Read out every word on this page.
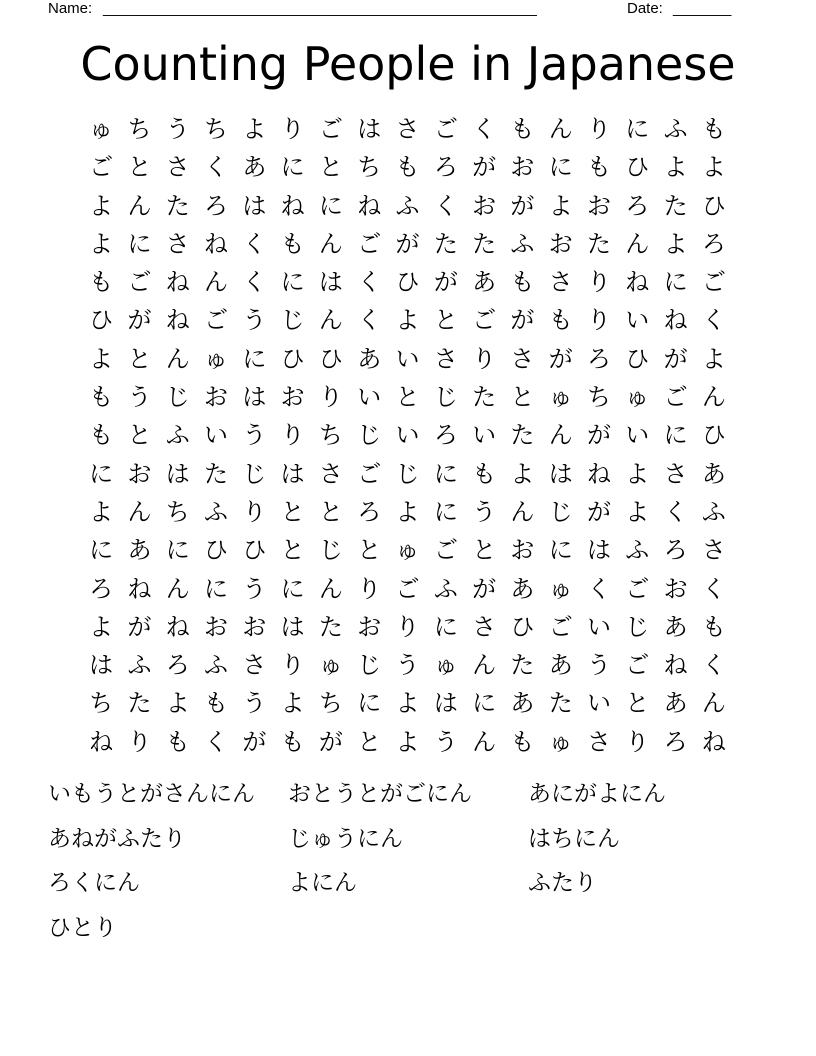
Name: ____________________________________________________	Date: _______
Counting People in Japanese
ゅ ち う ち よ り ご は さ ご く も ん り に ふ も
ご と さ く あ に と ち も ろ が お に も ひ よ よ
よ ん た ろ は ね に ね ふ く お が よ お ろ た ひ
よ に さ ね く も ん ご が た た ふ お た ん よ ろ
も ご ね ん く に は く ひ が あ も さ り ね に ご
ひ が ね ご う じ ん く よ と ご が も り い ね く
よ と ん ゅ に ひ ひ あ い さ り さ が ろ ひ が よ
も う じ お は お り い と じ た と ゅ ち ゅ ご ん
も と ふ い う り ち じ い ろ い た ん が い に ひ
に お は た じ は さ ご じ に も よ は ね よ さ あ
よ ん ち ふ り と と ろ よ に う ん じ が よ く ふ
に あ に ひ ひ と じ と ゅ ご と お に は ふ ろ さ
ろ ね ん に う に ん り ご ふ が あ ゅ く ご お く
よ が ね お お は た お り に さ ひ ご い じ あ も
は ふ ろ ふ さ り ゅ じ う ゅ ん た あ う ご ね く
ち た よ も う よ ち に よ は に あ た い と あ ん
ね り も く が も が と よ う ん も ゅ さ り ろ ね
いもうとがさんにん	おとうとがごにん	あにがよにん
あねがふたり	じゅうにん	はちにん
ろくにん	よにん	ふたり
ひとり
